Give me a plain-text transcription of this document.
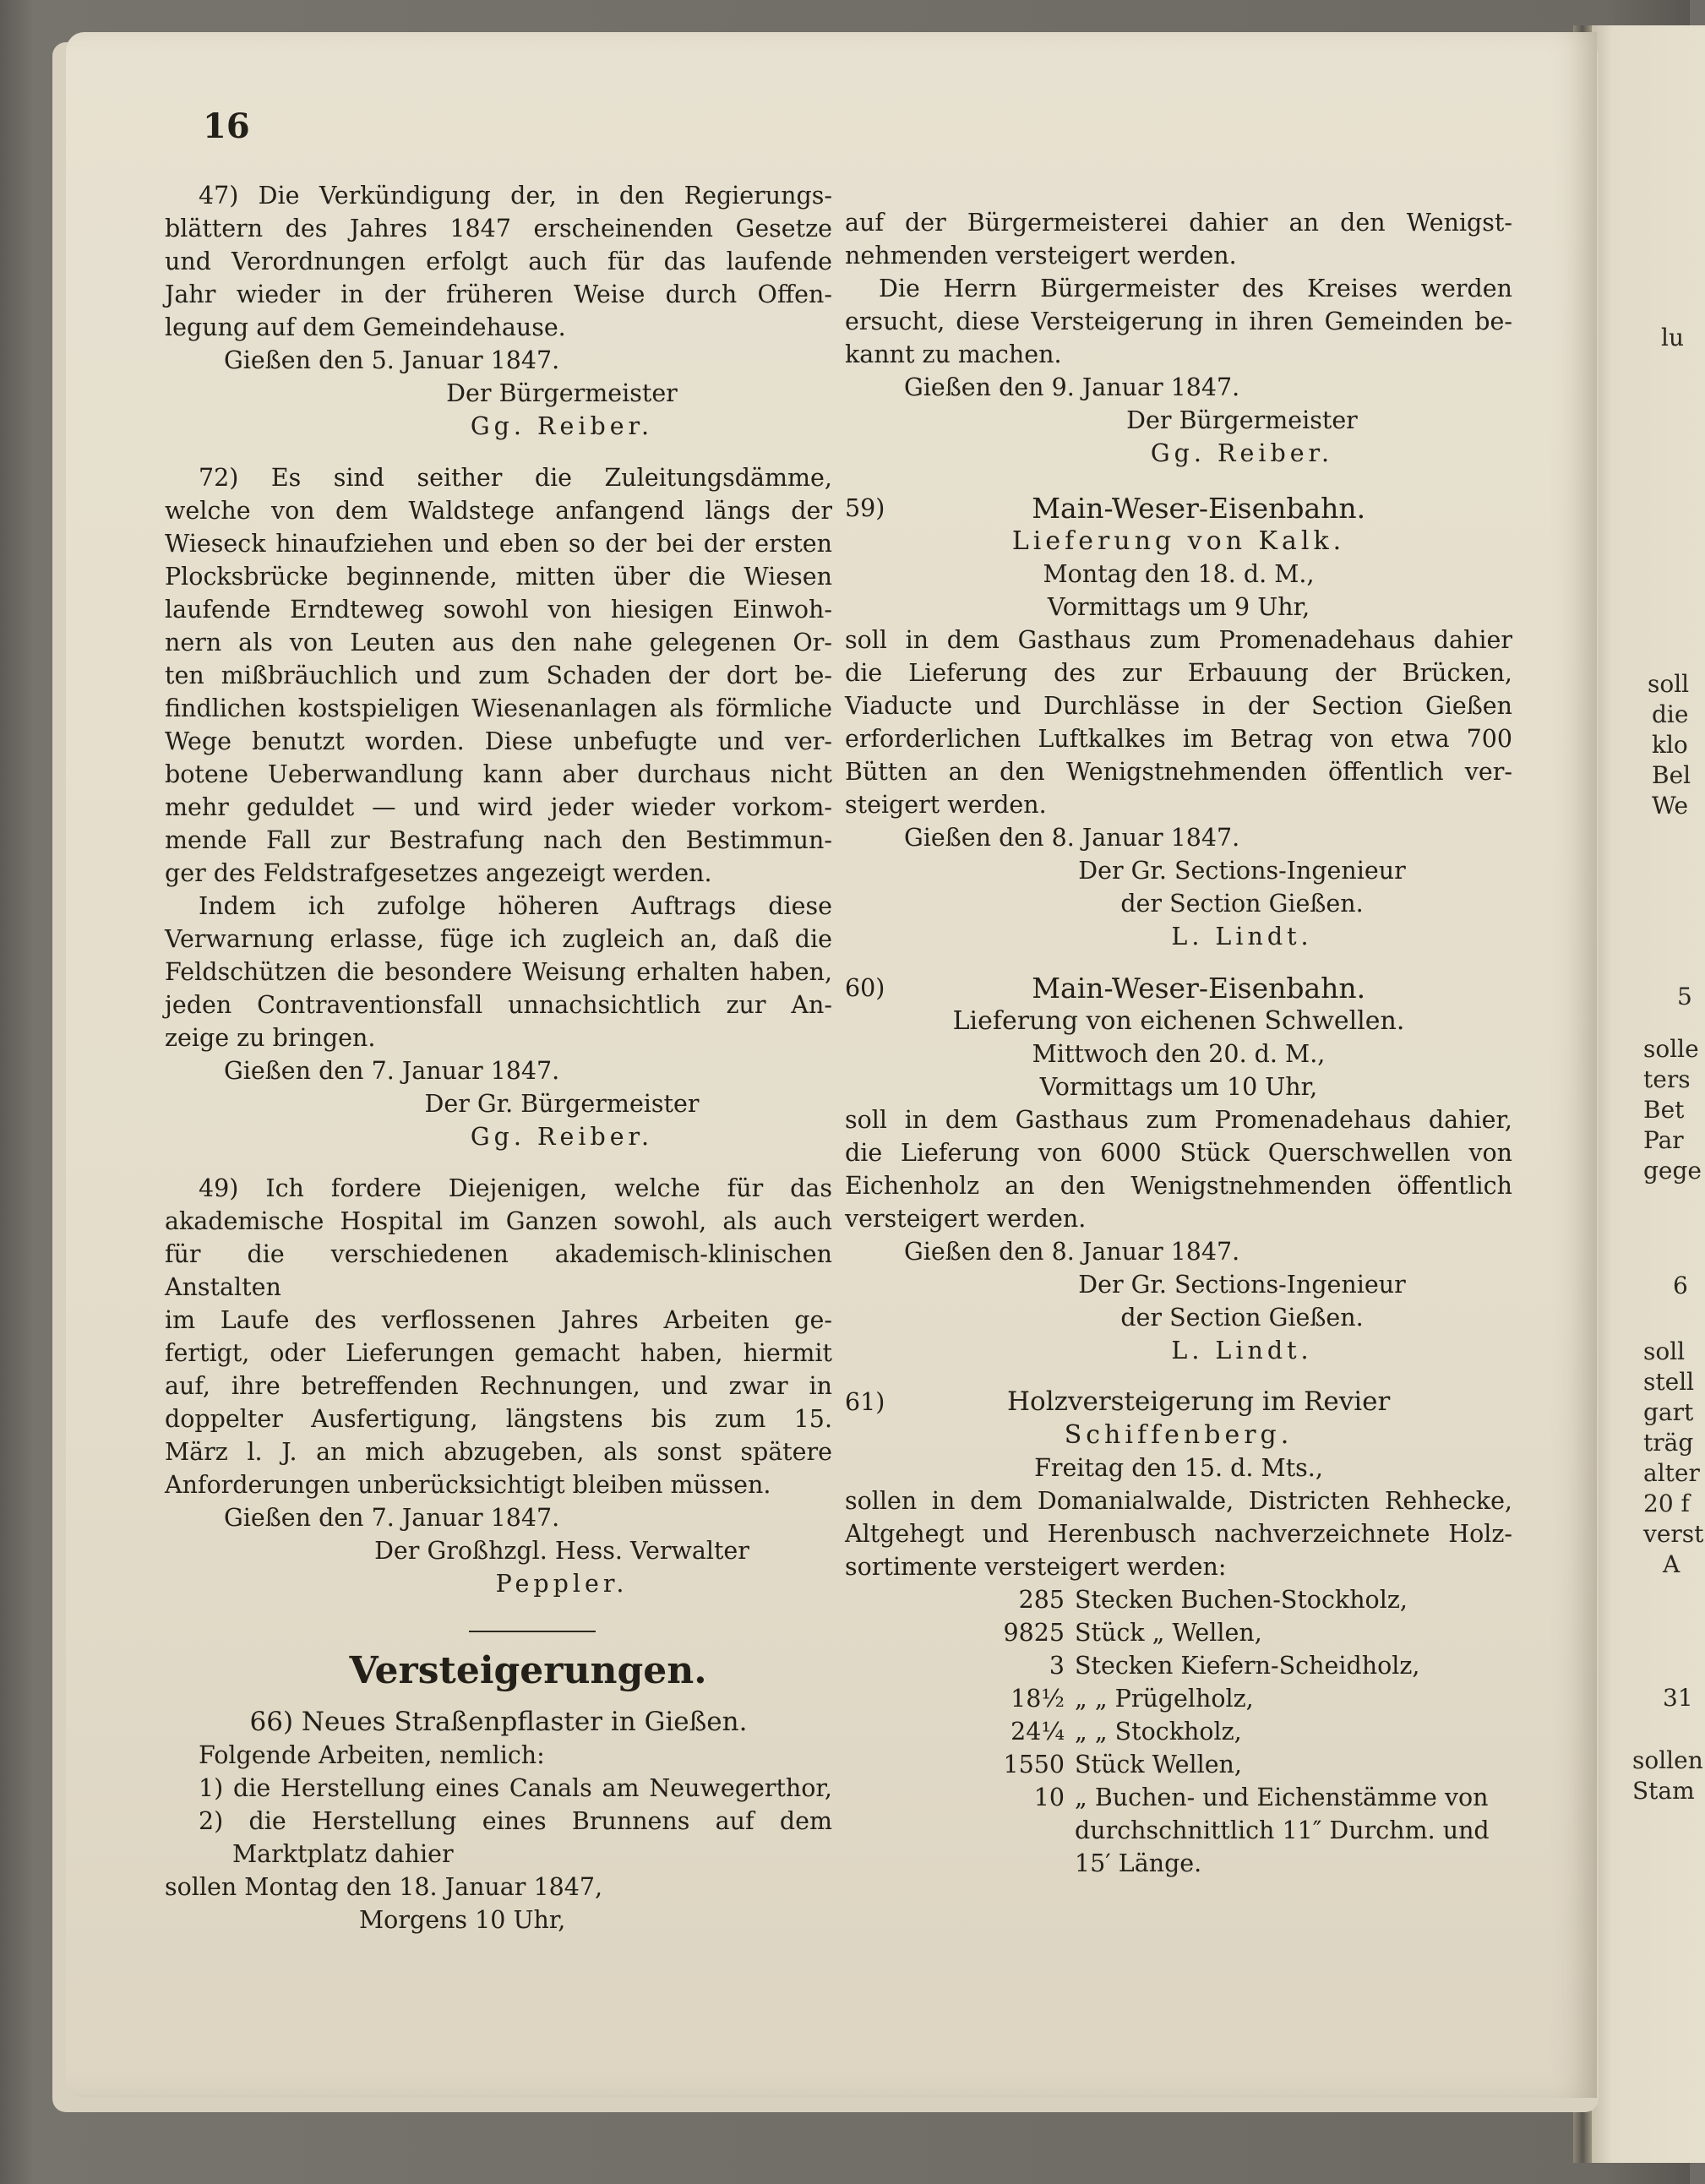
16

47) Die Verkündigung der, in den Regierungs-

blättern des Jahres 1847 erscheinenden Gesetze

und Verordnungen erfolgt auch für das laufende

Jahr wieder in der früheren Weise durch Offen-

legung auf dem Gemeindehause.

Gießen den 5. Januar 1847.

Der Bürgermeister

Gg. Reiber.

72) Es sind seither die Zuleitungsdämme,

welche von dem Waldstege anfangend längs der

Wieseck hinaufziehen und eben so der bei der ersten

Plocksbrücke beginnende, mitten über die Wiesen

laufende Erndteweg sowohl von hiesigen Einwoh-

nern als von Leuten aus den nahe gelegenen Or-

ten mißbräuchlich und zum Schaden der dort be-

findlichen kostspieligen Wiesenanlagen als förmliche

Wege benutzt worden. Diese unbefugte und ver-

botene Ueberwandlung kann aber durchaus nicht

mehr geduldet — und wird jeder wieder vorkom-

mende Fall zur Bestrafung nach den Bestimmun-

ger des Feldstrafgesetzes angezeigt werden.

Indem ich zufolge höheren Auftrags diese

Verwarnung erlasse, füge ich zugleich an, daß die

Feldschützen die besondere Weisung erhalten haben,

jeden Contraventionsfall unnachsichtlich zur An-

zeige zu bringen.

Gießen den 7. Januar 1847.

Der Gr. Bürgermeister

Gg. Reiber.

49) Ich fordere Diejenigen, welche für das

akademische Hospital im Ganzen sowohl, als auch

für die verschiedenen akademisch-klinischen Anstalten

im Laufe des verflossenen Jahres Arbeiten ge-

fertigt, oder Lieferungen gemacht haben, hiermit

auf, ihre betreffenden Rechnungen, und zwar in

doppelter Ausfertigung, längstens bis zum 15.

März l. J. an mich abzugeben, als sonst spätere

Anforderungen unberücksichtigt bleiben müssen.

Gießen den 7. Januar 1847.

Der Großhzgl. Hess. Verwalter

Peppler.

Versteigerungen.

66) Neues Straßenpflaster in Gießen.

Folgende Arbeiten, nemlich:

1) die Herstellung eines Canals am Neuwegerthor,

2) die Herstellung eines Brunnens auf dem

Marktplatz dahier

sollen Montag den 18. Januar 1847,

Morgens 10 Uhr,

auf der Bürgermeisterei dahier an den Wenigst-

nehmenden versteigert werden.

Die Herrn Bürgermeister des Kreises werden

ersucht, diese Versteigerung in ihren Gemeinden be-

kannt zu machen.

Gießen den 9. Januar 1847.

Der Bürgermeister

Gg. Reiber.

59)	Main-Weser-Eisenbahn.

Lieferung von Kalk.

Montag den 18. d. M.,

Vormittags um 9 Uhr,

soll in dem Gasthaus zum Promenadehaus dahier

die Lieferung des zur Erbauung der Brücken,

Viaducte und Durchlässe in der Section Gießen

erforderlichen Luftkalkes im Betrag von etwa 700

Bütten an den Wenigstnehmenden öffentlich ver-

steigert werden.

Gießen den 8. Januar 1847.

Der Gr. Sections-Ingenieur

der Section Gießen.

L. Lindt.

60)	Main-Weser-Eisenbahn.

Lieferung von eichenen Schwellen.

Mittwoch den 20. d. M.,

Vormittags um 10 Uhr,

soll in dem Gasthaus zum Promenadehaus dahier,

die Lieferung von 6000 Stück Querschwellen von

Eichenholz an den Wenigstnehmenden öffentlich

versteigert werden.

Gießen den 8. Januar 1847.

Der Gr. Sections-Ingenieur

der Section Gießen.

L. Lindt.

61)	Holzversteigerung im Revier

Schiffenberg.

Freitag den 15. d. Mts.,

sollen in dem Domanialwalde, Districten Rehhecke,

Altgehegt und Herenbusch nachverzeichnete Holz-

sortimente versteigert werden:

285 Stecken Buchen-Stockholz,
9825 Stück „ Wellen,
3 Stecken Kiefern-Scheidholz,
18½ „ „ Prügelholz,
24¼ „ „ Stockholz,
1550 Stück Wellen,
10 „ Buchen- und Eichenstämme von

durchschnittlich 11″ Durchm. und

15′ Länge.

lu
soll
die
klo
Bel
We
5
solle
ters
Bet
Par
gege
6
soll
stell
gart
träg
alter
20 f
verst
A
31
sollen
Stam
